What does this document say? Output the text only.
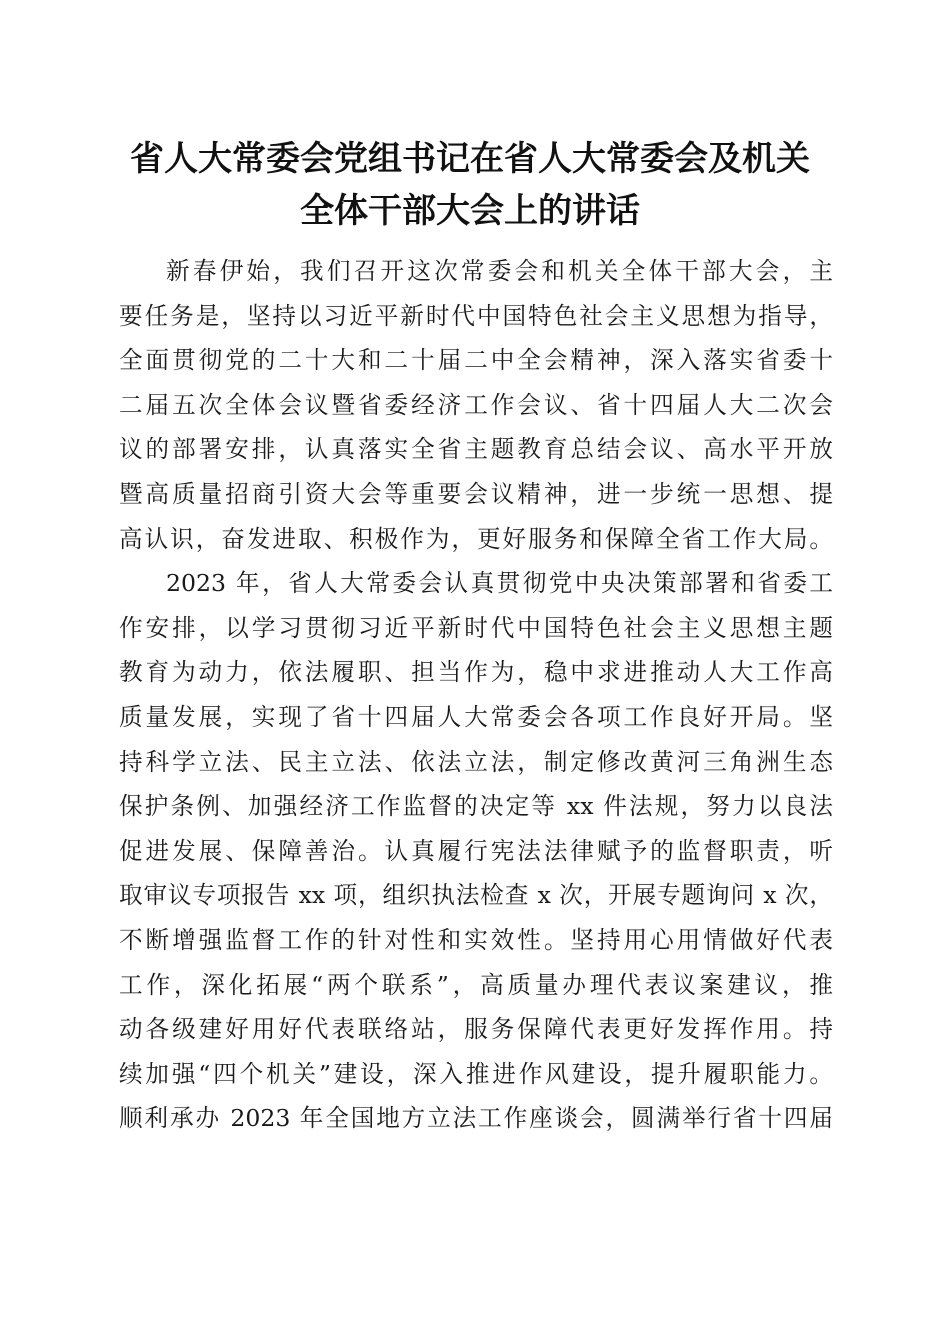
省人大常委会党组书记在省人大常委会及机关
全体干部大会上的讲话
新春伊始，我们召开这次常委会和机关全体干部大会，主
要任务是，坚持以习近平新时代中国特色社会主义思想为指导，
全面贯彻党的二十大和二十届二中全会精神，深入落实省委十
二届五次全体会议暨省委经济工作会议、省十四届人大二次会
议的部署安排，认真落实全省主题教育总结会议、高水平开放
暨高质量招商引资大会等重要会议精神，进一步统一思想、提
高认识，奋发进取、积极作为，更好服务和保障全省工作大局。
2023 年，省人大常委会认真贯彻党中央决策部署和省委工
作安排，以学习贯彻习近平新时代中国特色社会主义思想主题
教育为动力，依法履职、担当作为，稳中求进推动人大工作高
质量发展，实现了省十四届人大常委会各项工作良好开局。坚
持科学立法、民主立法、依法立法，制定修改黄河三角洲生态
保护条例、加强经济工作监督的决定等 xx 件法规，努力以良法
促进发展、保障善治。认真履行宪法法律赋予的监督职责，听
取审议专项报告 xx 项，组织执法检查 x 次，开展专题询问 x 次，
不断增强监督工作的针对性和实效性。坚持用心用情做好代表
工作，深化拓展“两个联系”，高质量办理代表议案建议，推
动各级建好用好代表联络站，服务保障代表更好发挥作用。持
续加强“四个机关”建设，深入推进作风建设，提升履职能力。
顺利承办 2023 年全国地方立法工作座谈会，圆满举行省十四届
